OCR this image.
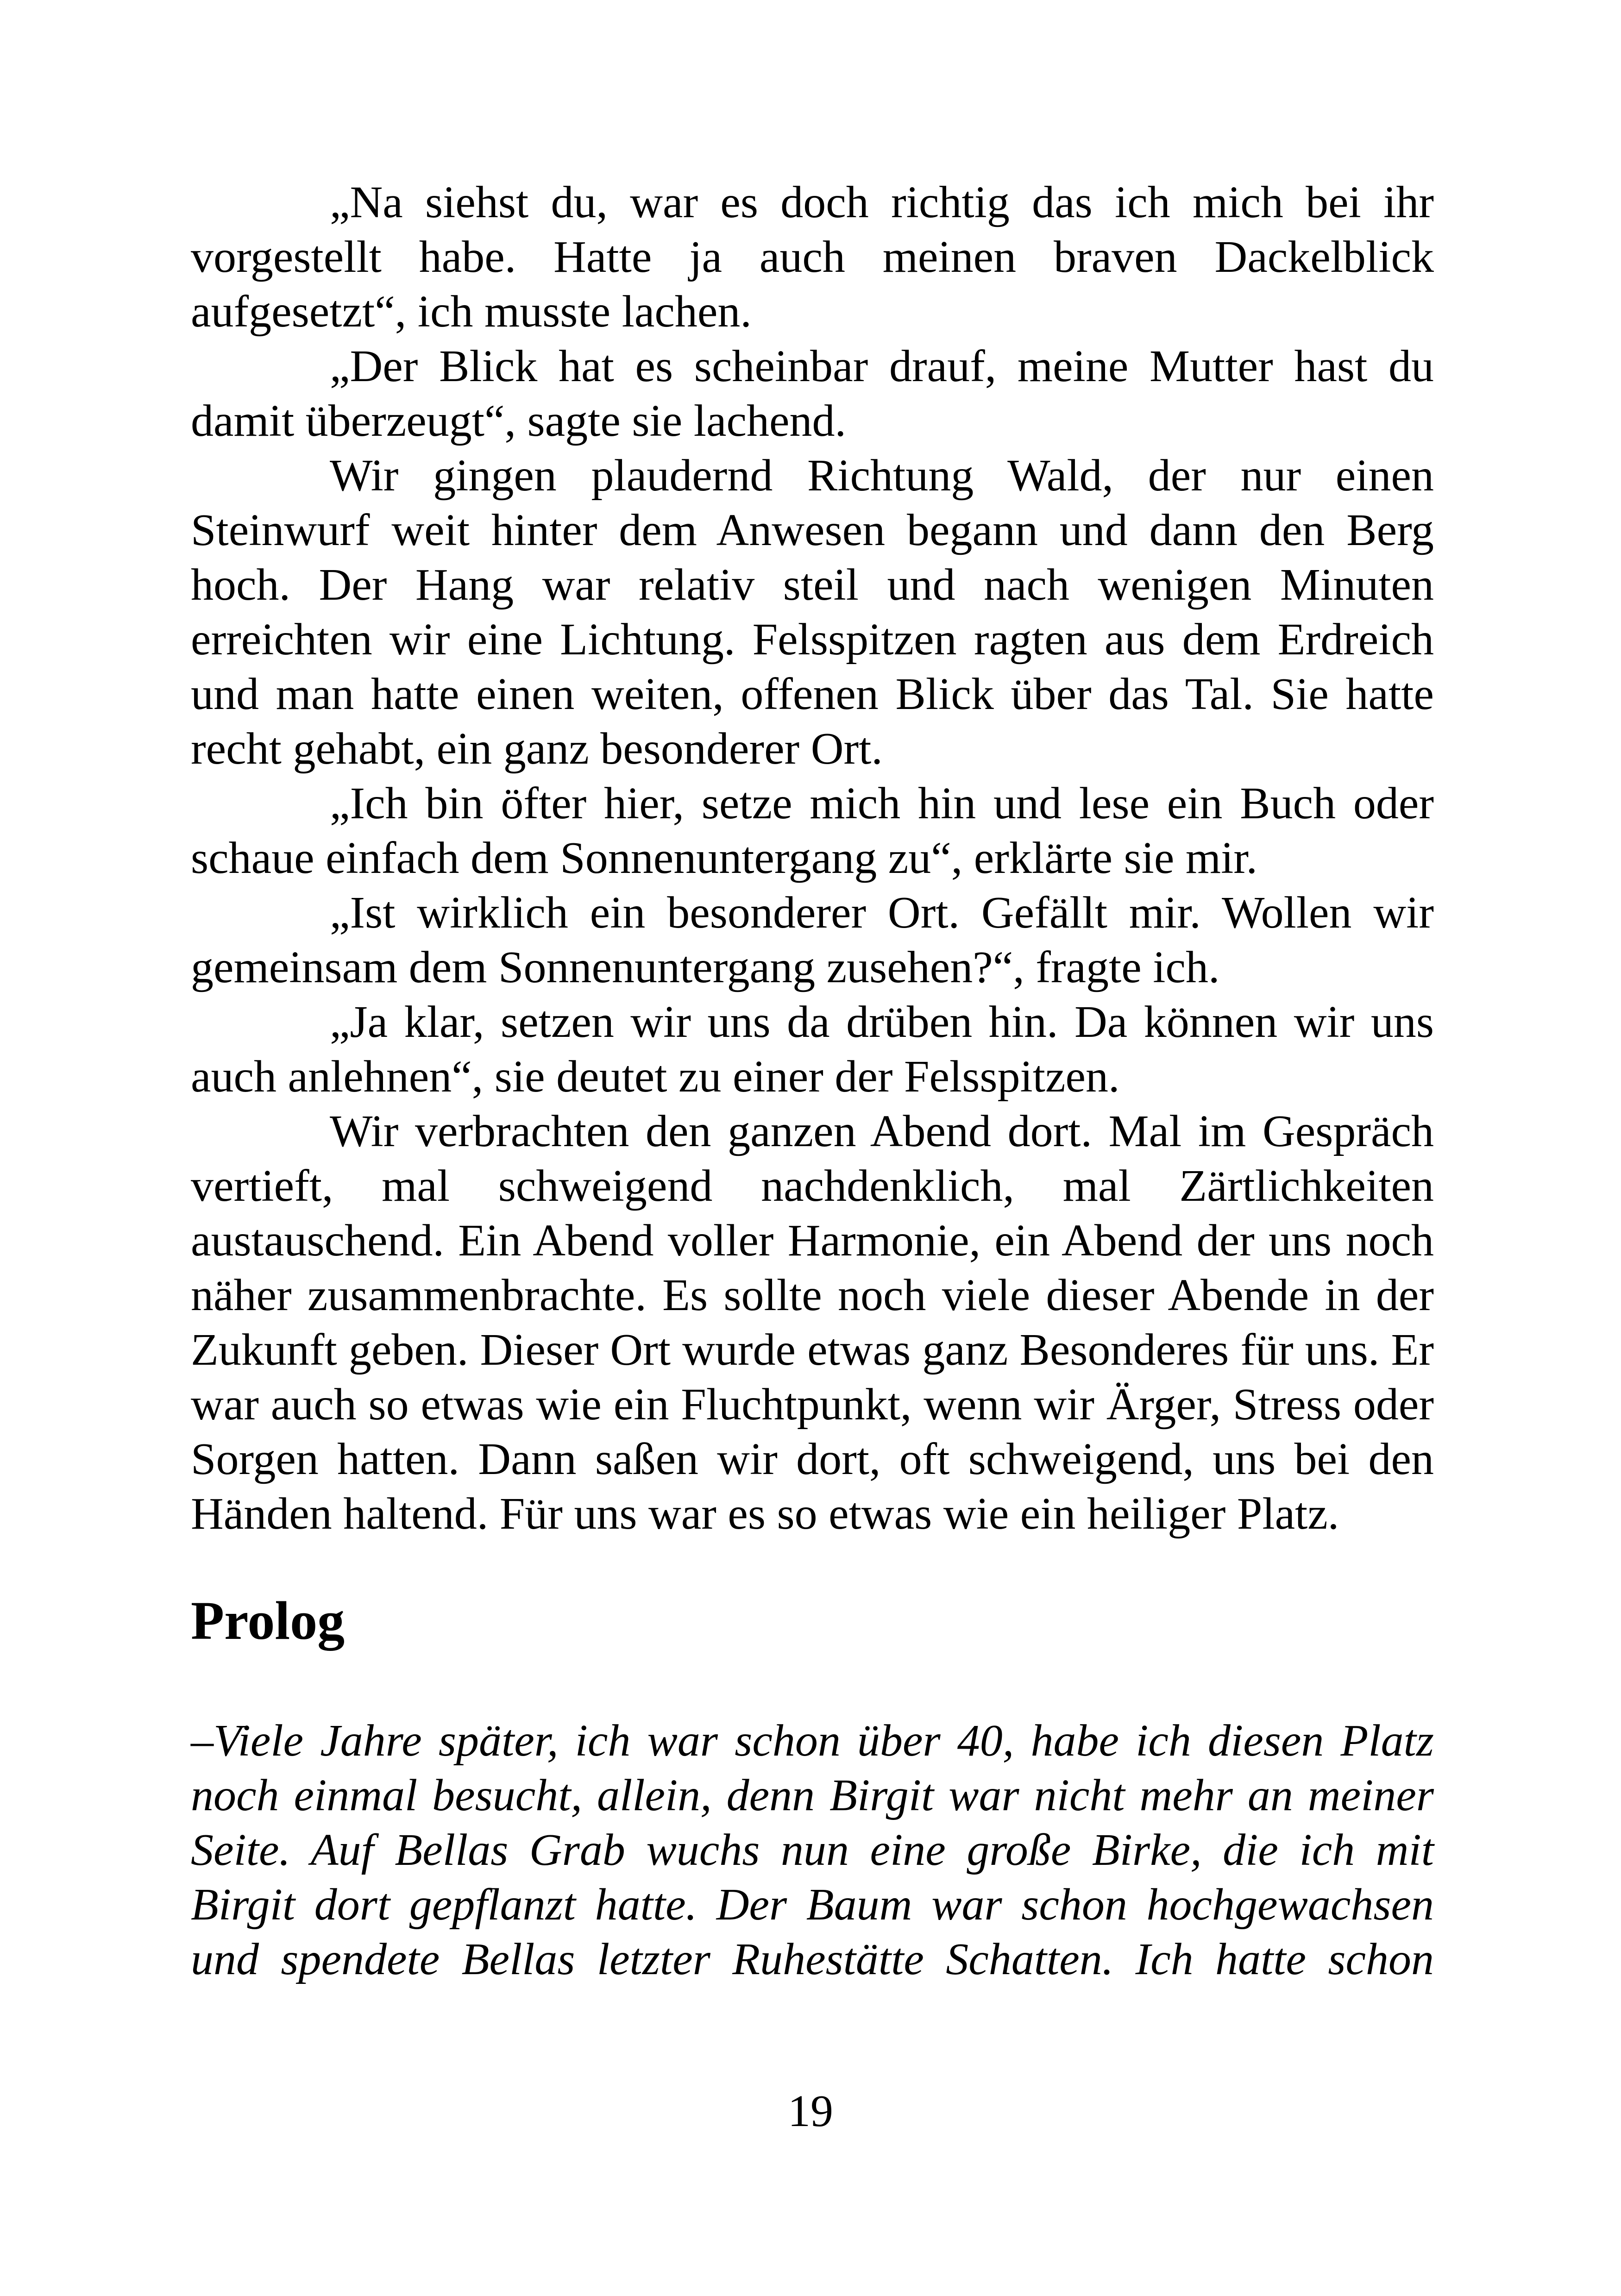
„Na siehst du, war es doch richtig das ich mich bei ihr vorgestellt habe. Hatte ja auch meinen braven Dackelblick aufgesetzt“, ich musste lachen.

„Der Blick hat es scheinbar drauf, meine Mutter hast du damit überzeugt“, sagte sie lachend.

Wir gingen plaudernd Richtung Wald, der nur einen Steinwurf weit hinter dem Anwesen begann und dann den Berg hoch. Der Hang war relativ steil und nach wenigen Minuten erreichten wir eine Lichtung. Felsspitzen ragten aus dem Erdreich und man hatte einen weiten, offenen Blick über das Tal. Sie hatte recht gehabt, ein ganz besonderer Ort.

„Ich bin öfter hier, setze mich hin und lese ein Buch oder schaue einfach dem Sonnenuntergang zu“, erklärte sie mir.

„Ist wirklich ein besonderer Ort. Gefällt mir. Wollen wir gemeinsam dem Sonnenuntergang zusehen?“, fragte ich.

„Ja klar, setzen wir uns da drüben hin. Da können wir uns auch anlehnen“, sie deutet zu einer der Felsspitzen.

Wir verbrachten den ganzen Abend dort. Mal im Gespräch vertieft, mal schweigend nachdenklich, mal Zärtlichkeiten austauschend. Ein Abend voller Harmonie, ein Abend der uns noch näher zusammenbrachte. Es sollte noch viele dieser Abende in der Zukunft geben. Dieser Ort wurde etwas ganz Besonderes für uns. Er war auch so etwas wie ein Fluchtpunkt, wenn wir Ärger, Stress oder Sorgen hatten. Dann saßen wir dort, oft schweigend, uns bei den Händen haltend. Für uns war es so etwas wie ein heiliger Platz.

Prolog

–Viele Jahre später, ich war schon über 40, habe ich diesen Platz noch einmal besucht, allein, denn Birgit war nicht mehr an meiner Seite. Auf Bellas Grab wuchs nun eine große Birke, die ich mit Birgit dort gepflanzt hatte. Der Baum war schon hochgewachsen und spendete Bellas letzter Ruhestätte Schatten. Ich hatte schon

19
